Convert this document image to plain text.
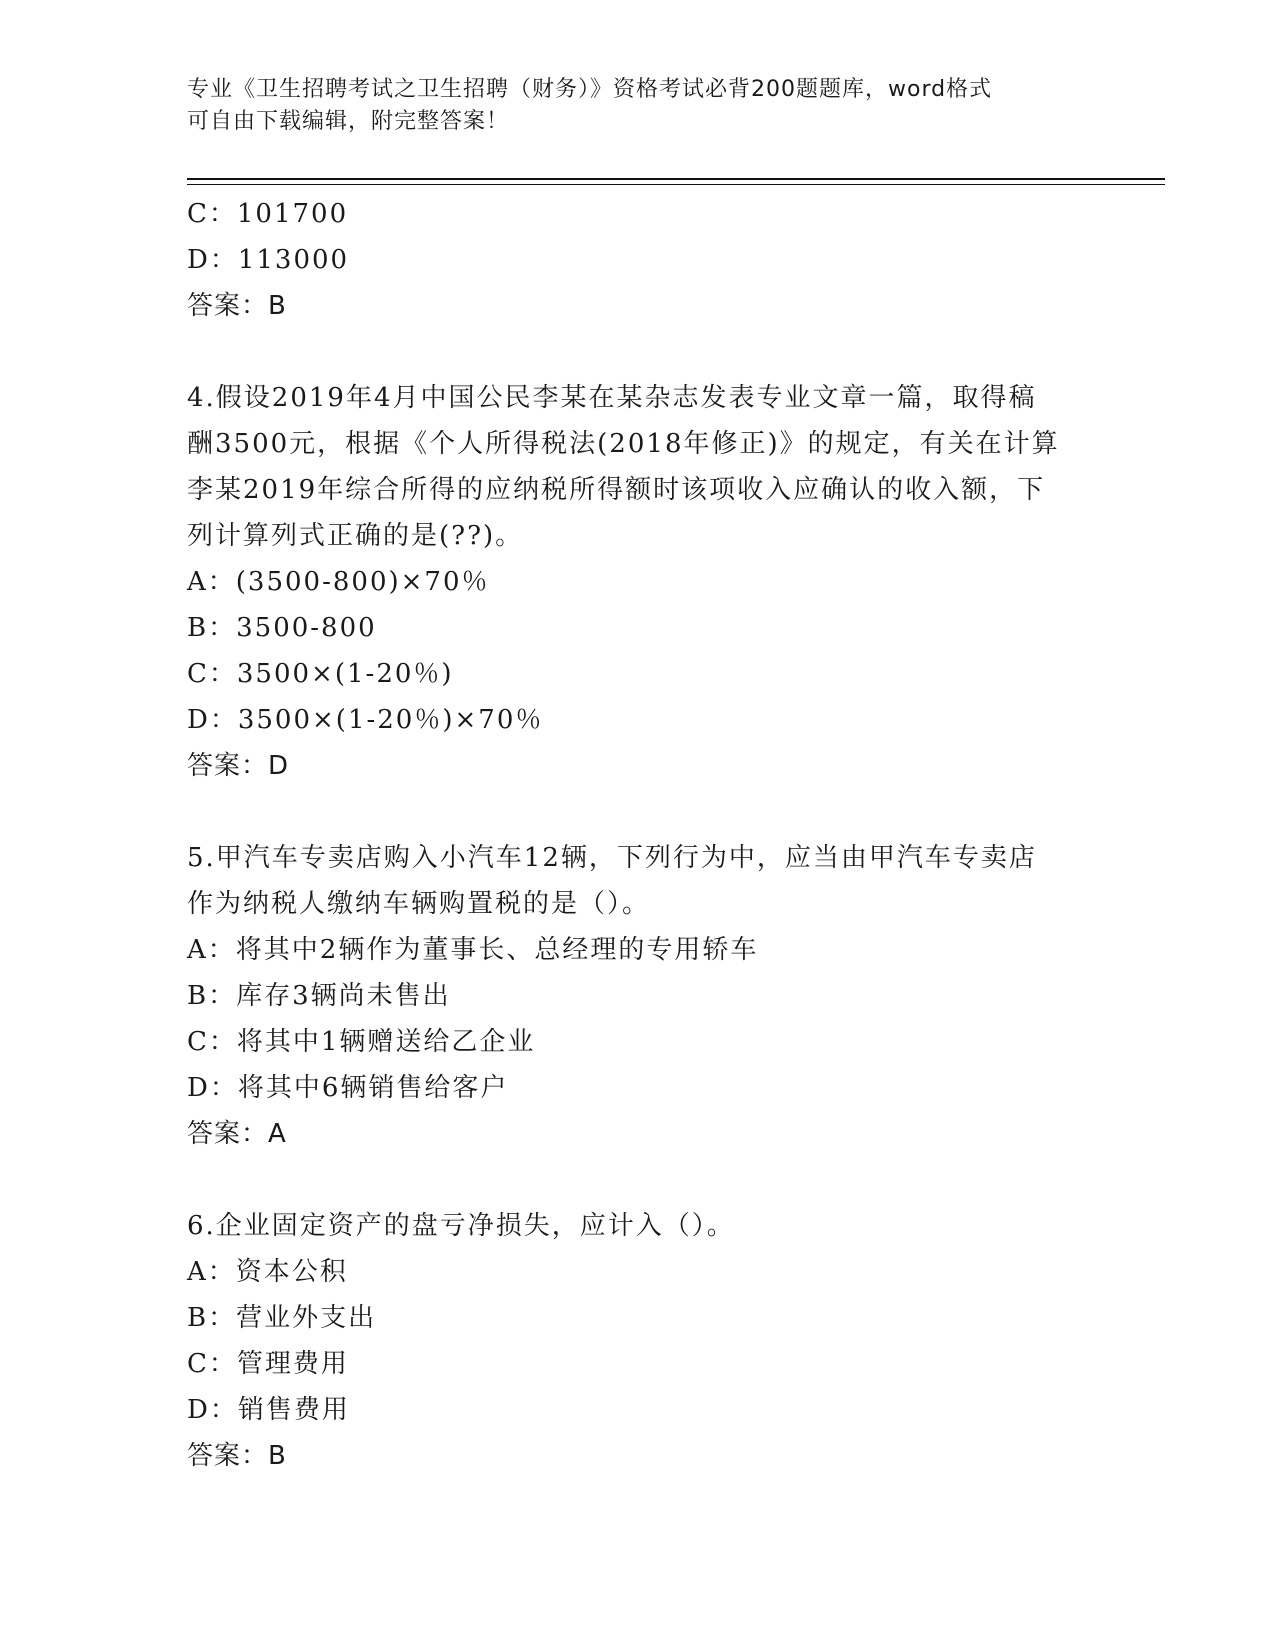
专业《卫生招聘考试之卫生招聘（财务）》资格考试必背200题题库，word格式
可自由下载编辑，附完整答案！
C：101700
D：113000
答案：B
4.假设2019年4月中国公民李某在某杂志发表专业文章一篇，取得稿
酬3500元，根据《个人所得税法(2018年修正)》的规定，有关在计算
李某2019年综合所得的应纳税所得额时该项收入应确认的收入额，下
列计算列式正确的是(??)。
A：(3500-800)×70％
B：3500-800
C：3500×(1-20％)
D：3500×(1-20％)×70％
答案：D
5.甲汽车专卖店购入小汽车12辆，下列行为中，应当由甲汽车专卖店
作为纳税人缴纳车辆购置税的是（）。
A：将其中2辆作为董事长、总经理的专用轿车
B：库存3辆尚未售出
C：将其中1辆赠送给乙企业
D：将其中6辆销售给客户
答案：A
6.企业固定资产的盘亏净损失，应计入（）。
A：资本公积
B：营业外支出
C：管理费用
D：销售费用
答案：B
